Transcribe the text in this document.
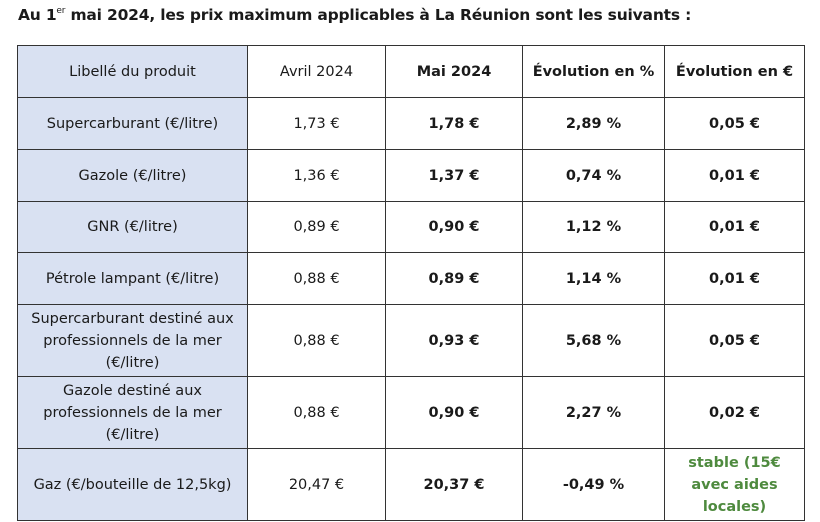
Au 1er mai 2024, les prix maximum applicables à La Réunion sont les suivants :
Libellé du produit	Avril 2024	Mai 2024	Évolution en %	Évolution en €
Supercarburant (€/litre)	1,73 €	1,78 €	2,89 %	0,05 €
Gazole (€/litre)	1,36 €	1,37 €	0,74 %	0,01 €
GNR (€/litre)	0,89 €	0,90 €	1,12 %	0,01 €
Pétrole lampant (€/litre)	0,88 €	0,89 €	1,14 %	0,01 €
Supercarburant destiné aux professionnels de la mer (€/litre)	0,88 €	0,93 €	5,68 %	0,05 €
Gazole destiné aux professionnels de la mer (€/litre)	0,88 €	0,90 €	2,27 %	0,02 €
Gaz (€/bouteille de 12,5kg)	20,47 €	20,37 €	-0,49 %	stable (15€ avec aides locales)
